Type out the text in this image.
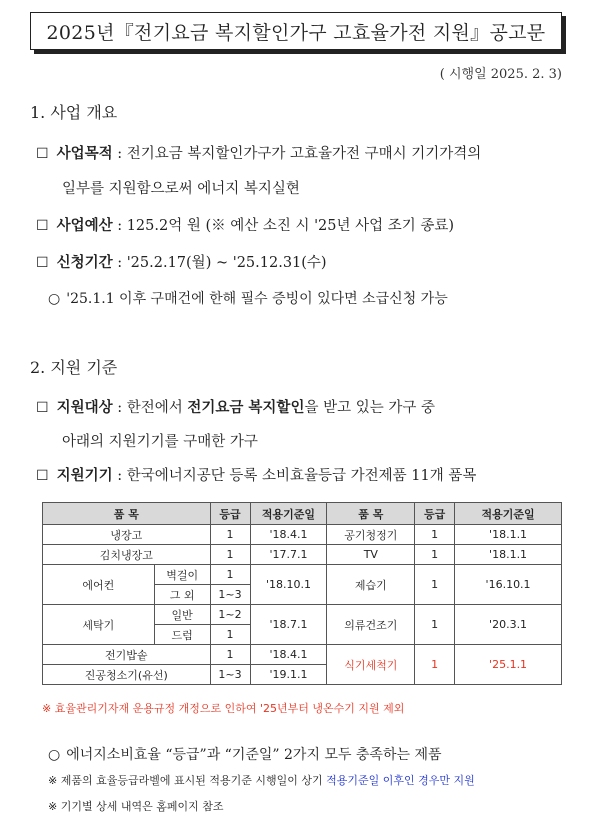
2025년『전기요금 복지할인가구 고효율가전 지원』공고문
( 시행일 2025. 2. 3)
1. 사업 개요
☐ 사업목적 : 전기요금 복지할인가구가 고효율가전 구매시 기기가격의
일부를 지원함으로써 에너지 복지실현
☐ 사업예산 : 125.2억 원 (※ 예산 소진 시 '25년 사업 조기 종료)
☐ 신청기간 : '25.2.17(월) ~ '25.12.31(수)
○ '25.1.1 이후 구매건에 한해 필수 증빙이 있다면 소급신청 가능
2. 지원 기준
☐ 지원대상 : 한전에서 전기요금 복지할인을 받고 있는 가구 중
아래의 지원기기를 구매한 가구
☐ 지원기기 : 한국에너지공단 등록 소비효율등급 가전제품 11개 품목
품 목		등급	적용기준일	품 목	등급	적용기준일
냉장고		1	'18.4.1	공기청정기	1	'18.1.1
김치냉장고		1	'17.7.1	TV	1	'18.1.1
에어컨	벽걸이	1	'18.10.1	제습기	1	'16.10.1
	그 외	1~3				
세탁기	일반	1~2	'18.7.1	의류건조기	1	'20.3.1
	드럼	1				
전기밥솥		1	'18.4.1	식기세척기	1	'25.1.1
진공청소기(유선)		1~3	'19.1.1			
※ 효율관리기자재 운용규정 개정으로 인하여 '25년부터 냉온수기 지원 제외
○ 에너지소비효율 “등급”과 “기준일” 2가지 모두 충족하는 제품
※ 제품의 효율등급라벨에 표시된 적용기준 시행일이 상기 적용기준일 이후인 경우만 지원
※ 기기별 상세 내역은 홈페이지 참조
